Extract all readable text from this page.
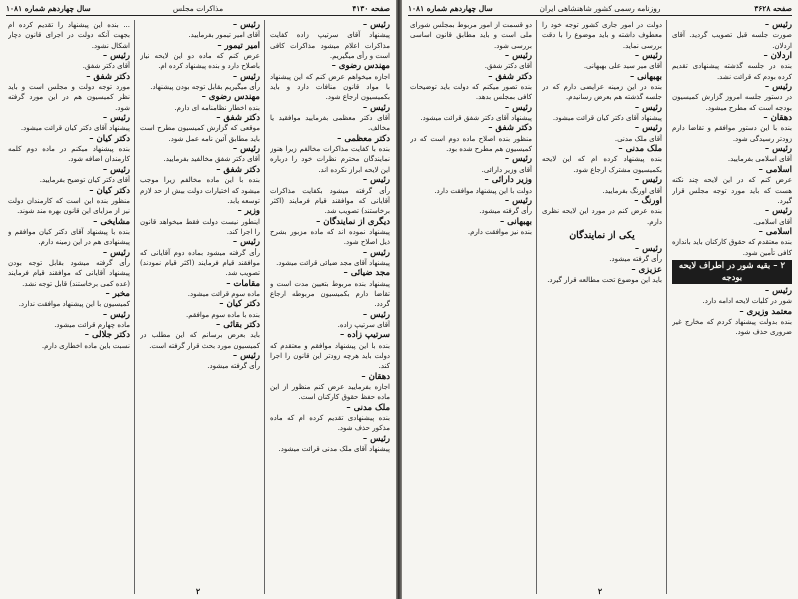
صفحه ۴۱۳۰
مذاکرات مجلس
سال چهاردهم شماره ۱۰۸۱

رئیس –

پیشنهاد آقای سرتیپ زاده کفایت مذاکرات اعلام میشود مذاکرات کافی است و رأی میگیریم.

مهندس رضوی –

اجازه میخواهم عرض کنم که این پیشنهاد با مواد قانون منافات دارد و باید بکمیسیون ارجاع شود.

رئیس –

آقای دکتر معظمی بفرمایید موافقید یا مخالف.

دکتر معظمی –

بنده با کفایت مذاکرات مخالفم زیرا هنوز نمایندگان محترم نظرات خود را درباره این لایحه ابراز نکرده اند.

رئیس –

رأی گرفته میشود بکفایت مذاکرات آقایانی که موافقند قیام فرمایند (اکثر برخاستند) تصویب شد.

دیگری از نمایندگان –

پیشنهاد نموده اند که ماده مزبور بشرح ذیل اصلاح شود.

رئیس –

پیشنهاد آقای مجد ضیائی قرائت میشود.

مجد ضیائی –

پیشنهاد بنده مربوط بتعیین مدت است و تقاضا دارم بکمیسیون مربوطه ارجاع گردد.

رئیس –

آقای سرتیپ زاده.

سرتیپ زاده –

بنده با این پیشنهاد موافقم و معتقدم که دولت باید هرچه زودتر این قانون را اجرا کند.

دهقان –

اجازه بفرمایید عرض کنم منظور از این ماده حفظ حقوق کارکنان است.

ملک مدنی –

بنده پیشنهادی تقدیم کرده ام که ماده مذکور حذف شود.

رئیس –

پیشنهاد آقای ملک مدنی قرائت میشود.

رئیس –

آقای امیر تیمور بفرمایید.

امیر تیمور –

عرض کنم که ماده دو این لایحه نیاز باصلاح دارد و بنده پیشنهاد کرده ام.

رئیس –

رأی میگیریم بقابل توجه بودن پیشنهاد.

مهندس رضوی –

بنده اخطار نظامنامه ای دارم.

دکتر شفق –

موقعی که گزارش کمیسیون مطرح است باید مطابق آئین نامه عمل شود.

رئیس –

آقای دکتر شفق مخالفید بفرمایید.

دکتر شفق –

بنده با این ماده مخالفم زیرا موجب میشود که اختیارات دولت بیش از حد لازم توسعه یابد.

وزیر –

اینطور نیست دولت فقط میخواهد قانون را اجرا کند.

رئیس –

رأی گرفته میشود بماده دوم آقایانی که موافقند قیام فرمایند (اکثر قیام نمودند) تصویب شد.

مقامات –

ماده سوم قرائت میشود.

دکتر کیان –

بنده با ماده سوم موافقم.

دکتر بقائی –

باید بعرض برسانم که این مطلب در کمیسیون مورد بحث قرار گرفته است.

رئیس –

رأی گرفته میشود.

... بنده این پیشنهاد را تقدیم کرده ام بجهت آنکه دولت در اجرای قانون دچار اشکال نشود.

رئیس –

آقای دکتر شفق.

دکتر شفق –

مورد توجه دولت و مجلس است و باید نظر کمیسیون هم در این مورد گرفته شود.

رئیس –

پیشنهاد آقای دکتر کیان قرائت میشود.

دکتر کیان –

بنده پیشنهاد میکنم در ماده دوم کلمه کارمندان اضافه شود.

رئیس –

آقای دکتر کیان توضیح بفرمایید.

دکتر کیان –

منظور بنده این است که کارمندان دولت نیز از مزایای این قانون بهره مند شوند.

مشایخی –

بنده با پیشنهاد آقای دکتر کیان موافقم و پیشنهادی هم در این زمینه دارم.

رئیس –

رأی گرفته میشود بقابل توجه بودن پیشنهاد آقایانی که موافقند قیام فرمایند (عده کمی برخاستند) قابل توجه نشد.

مخبر –

کمیسیون با این پیشنهاد موافقت ندارد.

رئیس –

ماده چهارم قرائت میشود.

دکتر جلالی –

نسبت باین ماده اخطاری دارم.

۲
صفحه ۳۶۲۸
روزنامه رسمی کشور شاهنشاهی ایران
سال چهاردهم شماره ۱۰۸۱

رئیس –

صورت جلسه قبل تصویب گردید. آقای اردلان.

اردلان –

بنده در جلسه گذشته پیشنهادی تقدیم کرده بودم که قرائت نشد.

رئیس –

در دستور جلسه امروز گزارش کمیسیون بودجه است که مطرح میشود.

دهقان –

بنده با این دستور موافقم و تقاضا دارم زودتر رسیدگی شود.

رئیس –

آقای اسلامی بفرمایید.

اسلامی –

عرض کنم که در این لایحه چند نکته هست که باید مورد توجه مجلس قرار گیرد.

رئیس –

آقای اسلامی.

اسلامی –

بنده معتقدم که حقوق کارکنان باید باندازه کافی تأمین شود.

۲ – بقیه شور در اطراف لایحه بودجه

رئیس –

شور در کلیات لایحه ادامه دارد.

معتمد وزیری –

بنده بدولت پیشنهاد کردم که مخارج غیر ضروری حذف شود.

دولت در امور جاری کشور توجه خود را معطوف داشته و باید موضوع را با دقت بررسی نماید.

رئیس –

آقای میر سید علی بهبهانی.

بهبهانی –

بنده در این زمینه عرایضی دارم که در جلسه گذشته هم بعرض رسانیدم.

رئیس –

پیشنهاد آقای دکتر کیان قرائت میشود.

رئیس –

آقای ملک مدنی.

ملک مدنی –

بنده پیشنهاد کرده ام که این لایحه بکمیسیون مشترک ارجاع شود.

رئیس –

آقای اورنگ بفرمایید.

اورنگ –

بنده عرض کنم در مورد این لایحه نظری دارم.

یکی از نمایندگان

رئیس –

رأی گرفته میشود.

عزیزی –

باید این موضوع تحت مطالعه قرار گیرد.

دو قسمت از امور مربوط بمجلس شورای ملی است و باید مطابق قانون اساسی بررسی شود.

رئیس –

آقای دکتر شفق.

دکتر شفق –

بنده تصور میکنم که دولت باید توضیحات کافی بمجلس بدهد.

رئیس –

پیشنهاد آقای دکتر شفق قرائت میشود.

دکتر شفق –

منظور بنده اصلاح ماده دوم است که در کمیسیون هم مطرح شده بود.

رئیس –

آقای وزیر دارائی.

وزیر دارائی –

دولت با این پیشنهاد موافقت دارد.

رئیس –

رأی گرفته میشود.

بهبهانی –

بنده نیز موافقت دارم.

۲
